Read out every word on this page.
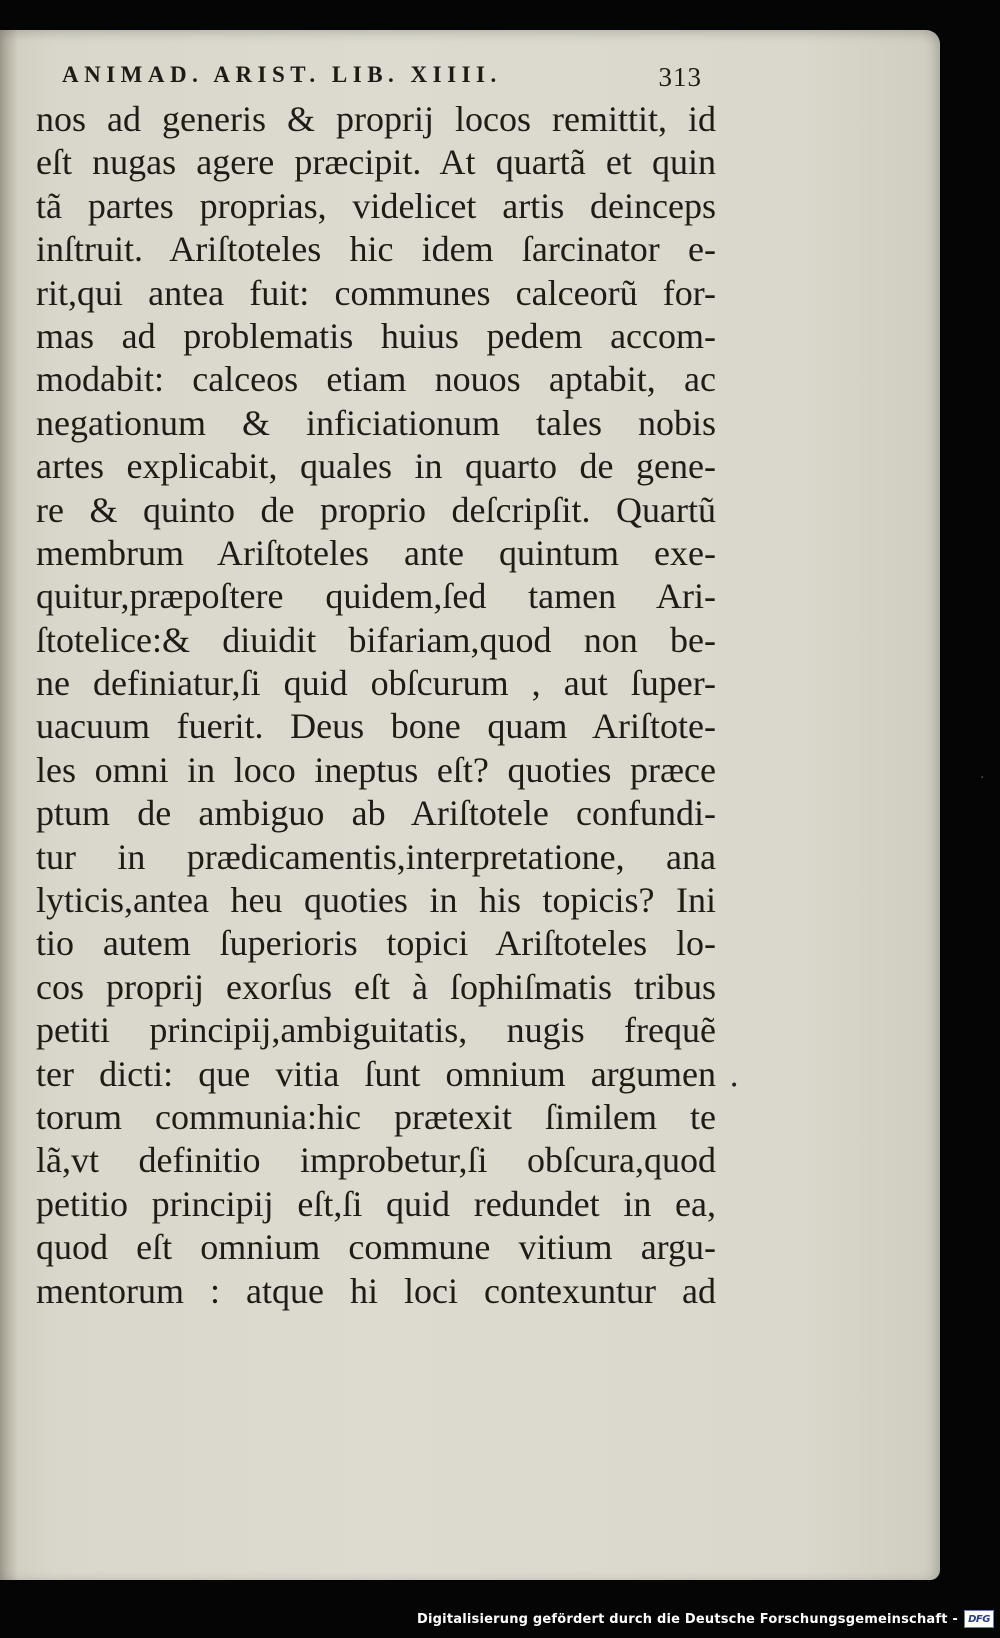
ANIMAD. ARIST. LIB. XIIII.	313
nos ad generis & proprij locos remittit, id
eſt nugas agere præcipit. At quartã et quin
tã partes proprias, videlicet artis deinceps
inſtruit. Ariſtoteles hic idem ſarcinator e-
rit,qui antea fuit: communes calceorũ for-
mas ad problematis huius pedem accom-
modabit: calceos etiam nouos aptabit, ac
negationum & inficiationum tales nobis
artes explicabit, quales in quarto de gene-
re & quinto de proprio deſcripſit. Quartũ
membrum Ariſtoteles ante quintum exe-
quitur,præpoſtere quidem,ſed tamen Ari-
ſtotelice:& diuidit bifariam,quod non be-
ne definiatur,ſi quid obſcurum , aut ſuper-
uacuum fuerit. Deus bone quam Ariſtote-
les omni in loco ineptus eſt? quoties præce
ptum de ambiguo ab Ariſtotele confundi-
tur in prædicamentis,interpretatione, ana
lyticis,antea heu quoties in his topicis? Ini
tio autem ſuperioris topici Ariſtoteles lo-
cos proprij exorſus eſt à ſophiſmatis tribus
petiti principij,ambiguitatis, nugis frequẽ
ter dicti: que vitia ſunt omnium argumen
torum communia:hic prætexit ſimilem te
lã,vt definitio improbetur,ſi obſcura,quod
petitio principij eſt,ſi quid redundet in ea,
quod eſt omnium commune vitium argu-
mentorum : atque hi loci contexuntur ad
•
·
Digitalisierung gefördert durch die Deutsche Forschungsgemeinschaft -	DFG
